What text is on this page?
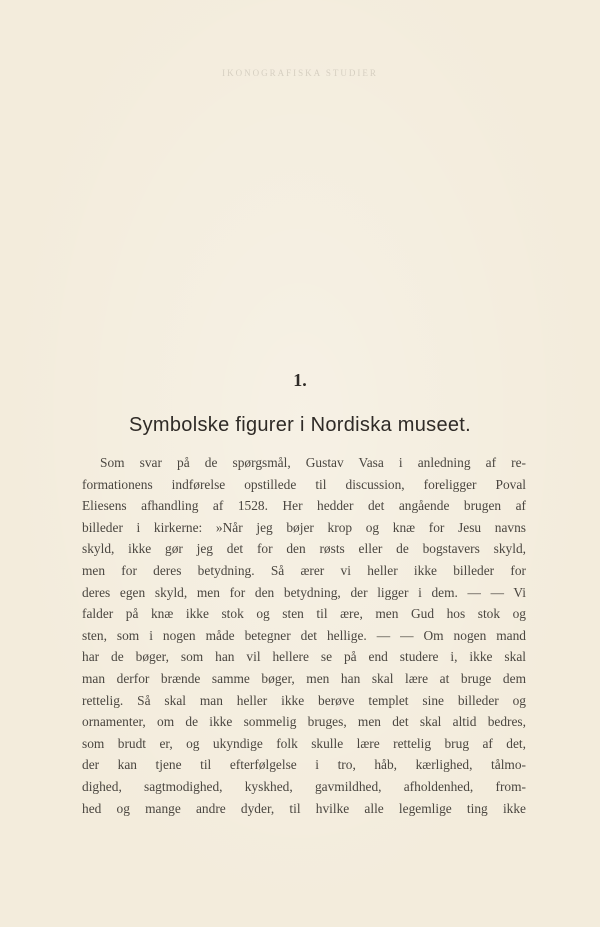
IKONOGRAFISKA STUDIER
1.
Symbolske figurer i Nordiska museet.
Som svar på de spørgsmål, Gustav Vasa i anledning af re-
formationens indførelse opstillede til discussion, foreligger Poval
Eliesens afhandling af 1528. Her hedder det angående brugen af
billeder i kirkerne: »Når jeg bøjer krop og knæ for Jesu navns
skyld, ikke gør jeg det for den røsts eller de bogstavers skyld,
men for deres betydning. Så ærer vi heller ikke billeder for
deres egen skyld, men for den betydning, der ligger i dem. — — Vi
falder på knæ ikke stok og sten til ære, men Gud hos stok og
sten, som i nogen måde betegner det hellige. — — Om nogen mand
har de bøger, som han vil hellere se på end studere i, ikke skal
man derfor brænde samme bøger, men han skal lære at bruge dem
rettelig. Så skal man heller ikke berøve templet sine billeder og
ornamenter, om de ikke sommelig bruges, men det skal altid bedres,
som brudt er, og ukyndige folk skulle lære rettelig brug af det,
der kan tjene til efterfølgelse i tro, håb, kærlighed, tålmo-
dighed, sagtmodighed, kyskhed, gavmildhed, afholdenhed, from-
hed og mange andre dyder, til hvilke alle legemlige ting ikke
